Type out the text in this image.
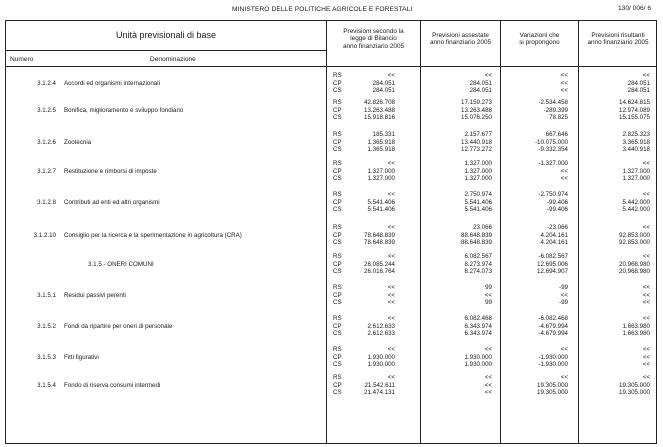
MINISTERO DELLE POLITICHE AGRICOLE E FORESTALI	130/ 006/ 6
Unità previsionali di base
Numero	Denominazione
Previsioni secondo la
legge di Bilancio
anno finanziario 2005
Previsioni assestate
anno finanziario 2005
Variazioni che
si propongono
Previsioni risultanti
anno finanziario 2005
3.1.2.4 Accordi ed organismi internazionali
RS
CP
CS
<<
284.051
284.051
<<
284.051
284.051
<<
<<
<<
<<
284.051
284.051
3.1.2.5 Bonifica, miglioramento e sviluppo fondiario
RS
CP
CS
42.826.708
13.263.488
15.918.816
17.159.273
13.263.488
15.076.250
-2.534.458
-289.399
78.825
14.624.815
12.974.089
15.155.075
3.1.2.6 Zootecnia
RS
CP
CS
185.331
1.365.918
1.365.918
2.157.677
13.440.918
12.773.272
667.646
-10.075.000
-9.332.354
2.825.323
3.365.918
3.440.918
3.1.2.7 Restituzione e rimborsi di imposte
RS
CP
CS
<<
1.327.000
1.327.000
1.327.000
1.327.000
1.327.000
-1.327.000
<<
<<
<<
1.327.000
1.327.000
3.1.2.8 Contributi ad enti ed altri organismi
RS
CP
CS
<<
5.541.406
5.541.406
2.750.974
5.541.406
5.541.406
-2.750.974
-99.406
-99.406
<<
5.442.000
5.442.000
3.1.2.10 Consiglio per la ricerca e la sperimentazione in agricoltura (CRA)
RS
CP
CS
<<
78.648.839
78.648.839
23.066
88.648.839
88.648.839
-23.066
4.204.161
4.204.161
<<
92.853.000
92.853.000
3.1.5 - ONERI COMUNI
RS
CP
CS
<<
26.085.244
26.016.764
6.082.567
8.273.974
8.274.073
-6.082.567
12.695.006
12.694.907
<<
20.968.980
20.968.980
3.1.5.1 Residui passivi perenti
RS
CP
CS
<<
<<
<<
99
<<
99
-99
<<
-99
<<
<<
<<
3.1.5.2 Fondi da ripartire per oneri di personale
RS
CP
CS
<<
2.612.633
2.612.633
6.082.468
6.343.974
6.343.974
-6.082.468
-4.679.994
-4.679.994
<<
1.663.980
1.663.980
3.1.5.3 Fitti figurativi
RS
CP
CS
<<
1.930.000
1.930.000
<<
1.930.000
1.930.000
<<
-1.930.000
-1.930.000
<<
<<
<<
3.1.5.4 Fondo di riserva consumi intermedi
RS
CP
CS
<<
21.542.611
21.474.131
<<
<<
<<
<<
19.305.000
19.305.000
<<
19.305.000
19.305.000
